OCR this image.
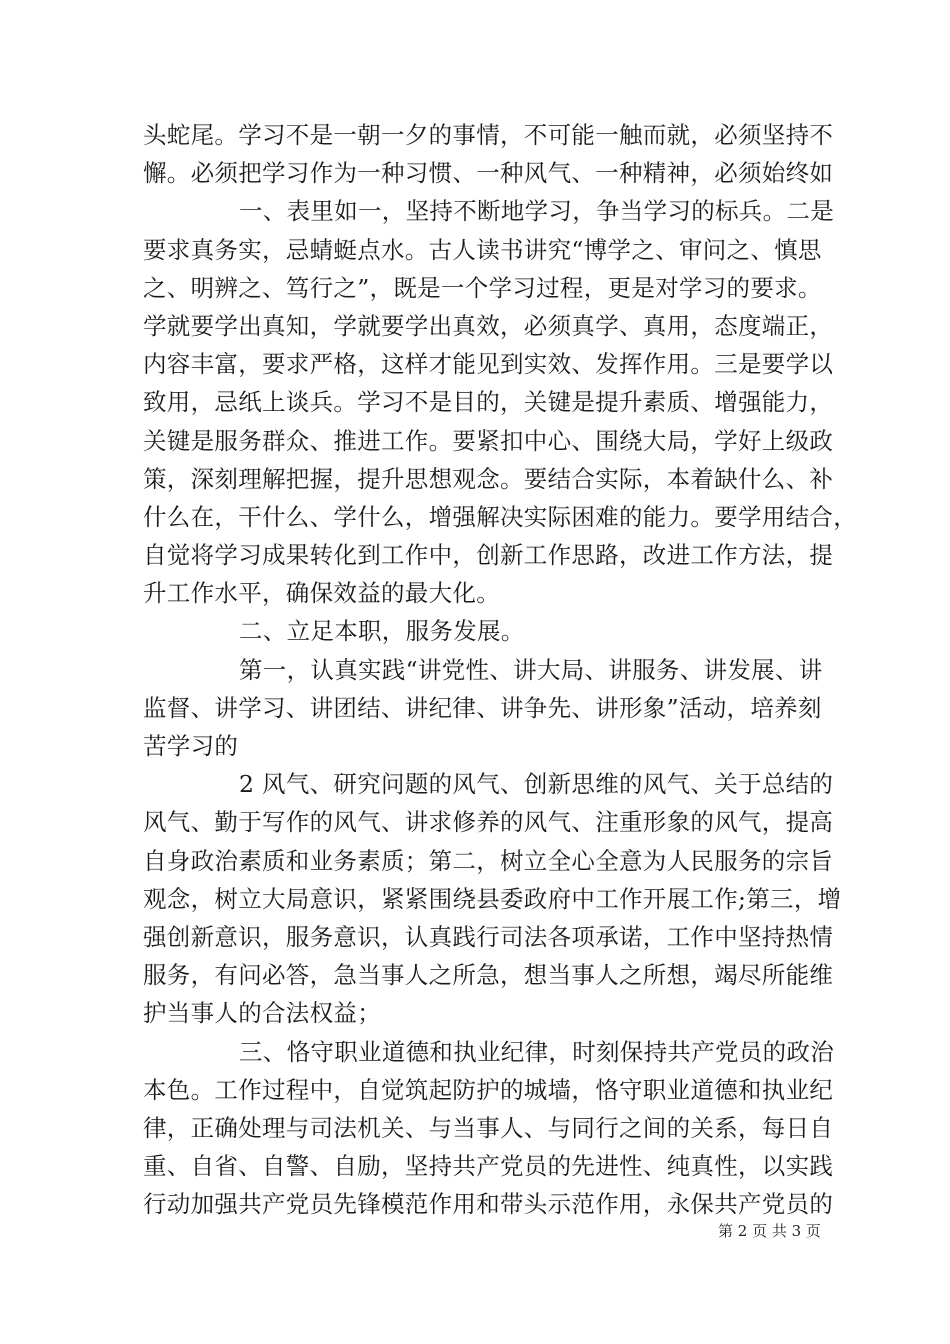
头蛇尾。学习不是一朝一夕的事情，不可能一触而就，必须坚持不
懈。必须把学习作为一种习惯、一种风气、一种精神，必须始终如
一、表里如一，坚持不断地学习，争当学习的标兵。二是
要求真务实，忌蜻蜓点水。古人读书讲究“博学之、审问之、慎思
之、明辨之、笃行之”，既是一个学习过程，更是对学习的要求。
学就要学出真知，学就要学出真效，必须真学、真用，态度端正，
内容丰富，要求严格，这样才能见到实效、发挥作用。三是要学以
致用，忌纸上谈兵。学习不是目的，关键是提升素质、增强能力，
关键是服务群众、推进工作。要紧扣中心、围绕大局，学好上级政
策，深刻理解把握，提升思想观念。要结合实际，本着缺什么、补
什么在，干什么、学什么，增强解决实际困难的能力。要学用结合，
自觉将学习成果转化到工作中，创新工作思路，改进工作方法，提
升工作水平，确保效益的最大化。
二、立足本职，服务发展。
第一，认真实践“讲党性、讲大局、讲服务、讲发展、讲
监督、讲学习、讲团结、讲纪律、讲争先、讲形象”活动，培养刻
苦学习的
2 风气、研究问题的风气、创新思维的风气、关于总结的
风气、勤于写作的风气、讲求修养的风气、注重形象的风气，提高
自身政治素质和业务素质；第二，树立全心全意为人民服务的宗旨
观念，树立大局意识，紧紧围绕县委政府中工作开展工作;第三，增
强创新意识，服务意识，认真践行司法各项承诺，工作中坚持热情
服务，有问必答，急当事人之所急，想当事人之所想，竭尽所能维
护当事人的合法权益；
三、恪守职业道德和执业纪律，时刻保持共产党员的政治
本色。工作过程中，自觉筑起防护的城墙，恪守职业道德和执业纪
律，正确处理与司法机关、与当事人、与同行之间的关系，每日自
重、自省、自警、自励，坚持共产党员的先进性、纯真性，以实践
行动加强共产党员先锋模范作用和带头示范作用，永保共产党员的
第 2 页 共 3 页
